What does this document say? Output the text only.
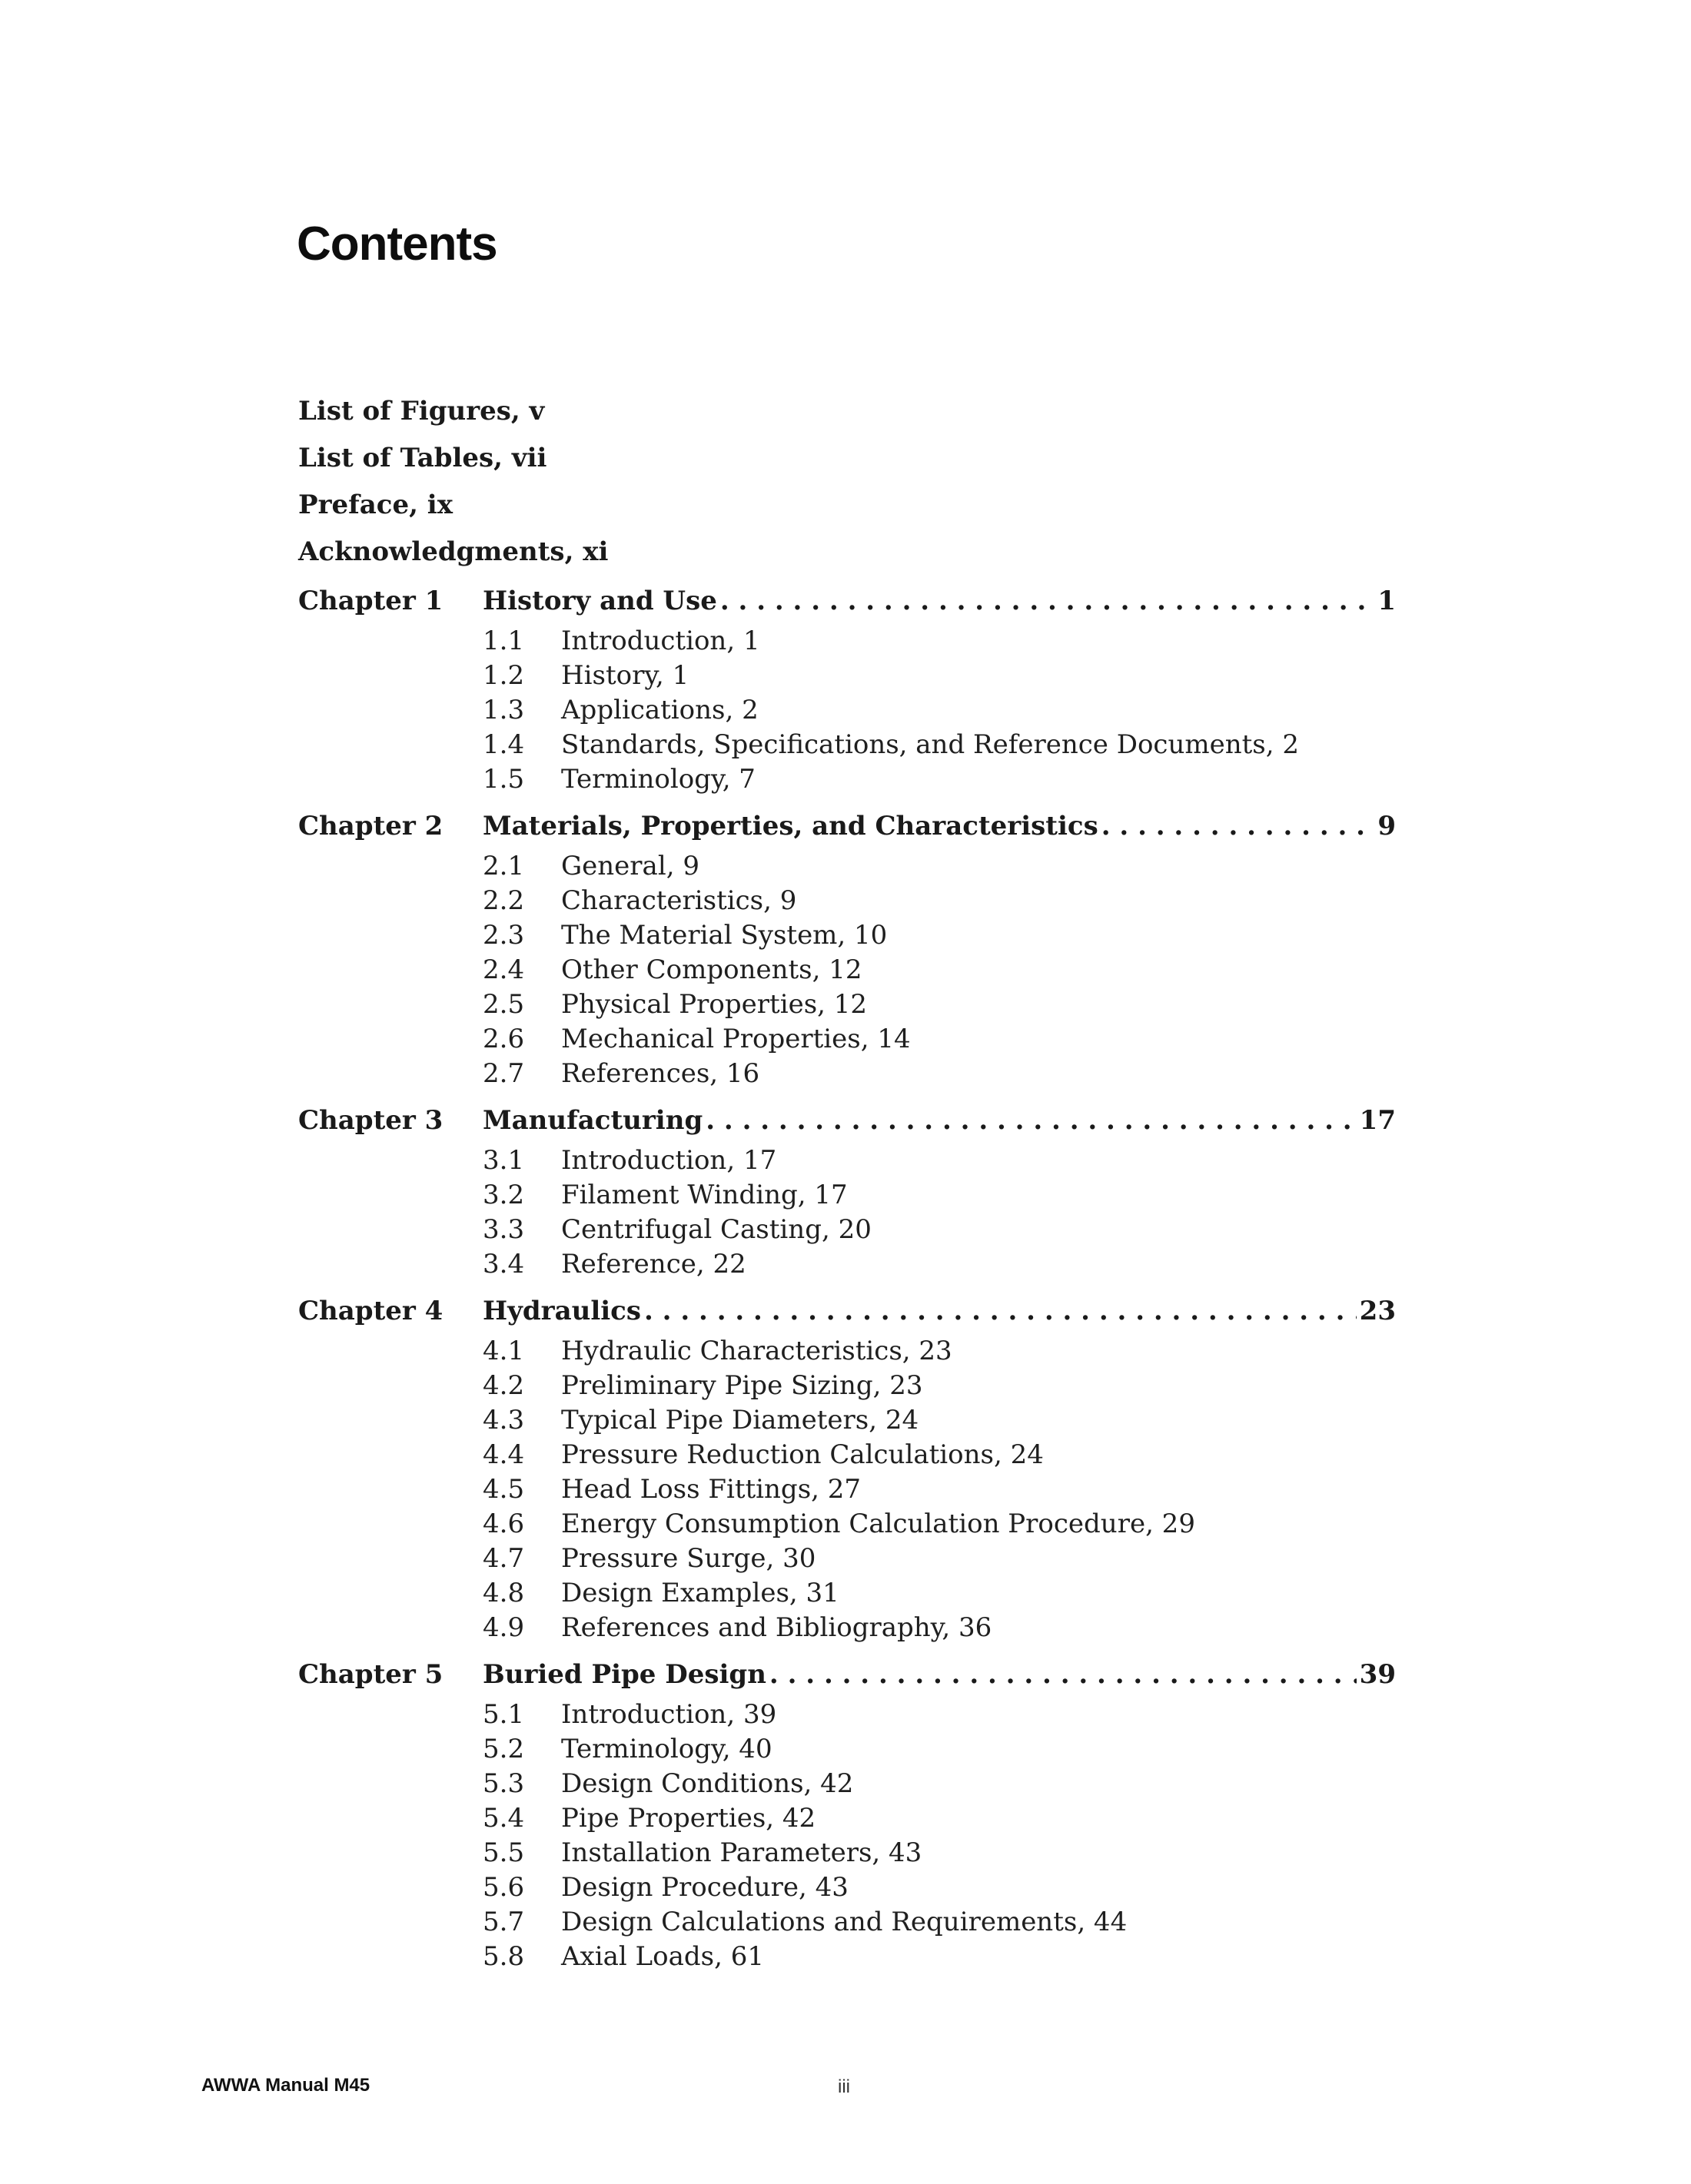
Contents
List of Figures, v
List of Tables, vii
Preface, ix
Acknowledgments, xi
Chapter 1	History and Use . . .	1
1.1	Introduction, 1
1.2	History, 1
1.3	Applications, 2
1.4	Standards, Specifications, and Reference Documents, 2
1.5	Terminology, 7
Chapter 2	Materials, Properties, and Characteristics . . .	9
2.1	General, 9
2.2	Characteristics, 9
2.3	The Material System, 10
2.4	Other Components, 12
2.5	Physical Properties, 12
2.6	Mechanical Properties, 14
2.7	References, 16
Chapter 3	Manufacturing . . .	17
3.1	Introduction, 17
3.2	Filament Winding, 17
3.3	Centrifugal Casting, 20
3.4	Reference, 22
Chapter 4	Hydraulics . . .	23
4.1	Hydraulic Characteristics, 23
4.2	Preliminary Pipe Sizing, 23
4.3	Typical Pipe Diameters, 24
4.4	Pressure Reduction Calculations, 24
4.5	Head Loss Fittings, 27
4.6	Energy Consumption Calculation Procedure, 29
4.7	Pressure Surge, 30
4.8	Design Examples, 31
4.9	References and Bibliography, 36
Chapter 5	Buried Pipe Design . . .	39
5.1	Introduction, 39
5.2	Terminology, 40
5.3	Design Conditions, 42
5.4	Pipe Properties, 42
5.5	Installation Parameters, 43
5.6	Design Procedure, 43
5.7	Design Calculations and Requirements, 44
5.8	Axial Loads, 61
AWWA Manual M45	iii
